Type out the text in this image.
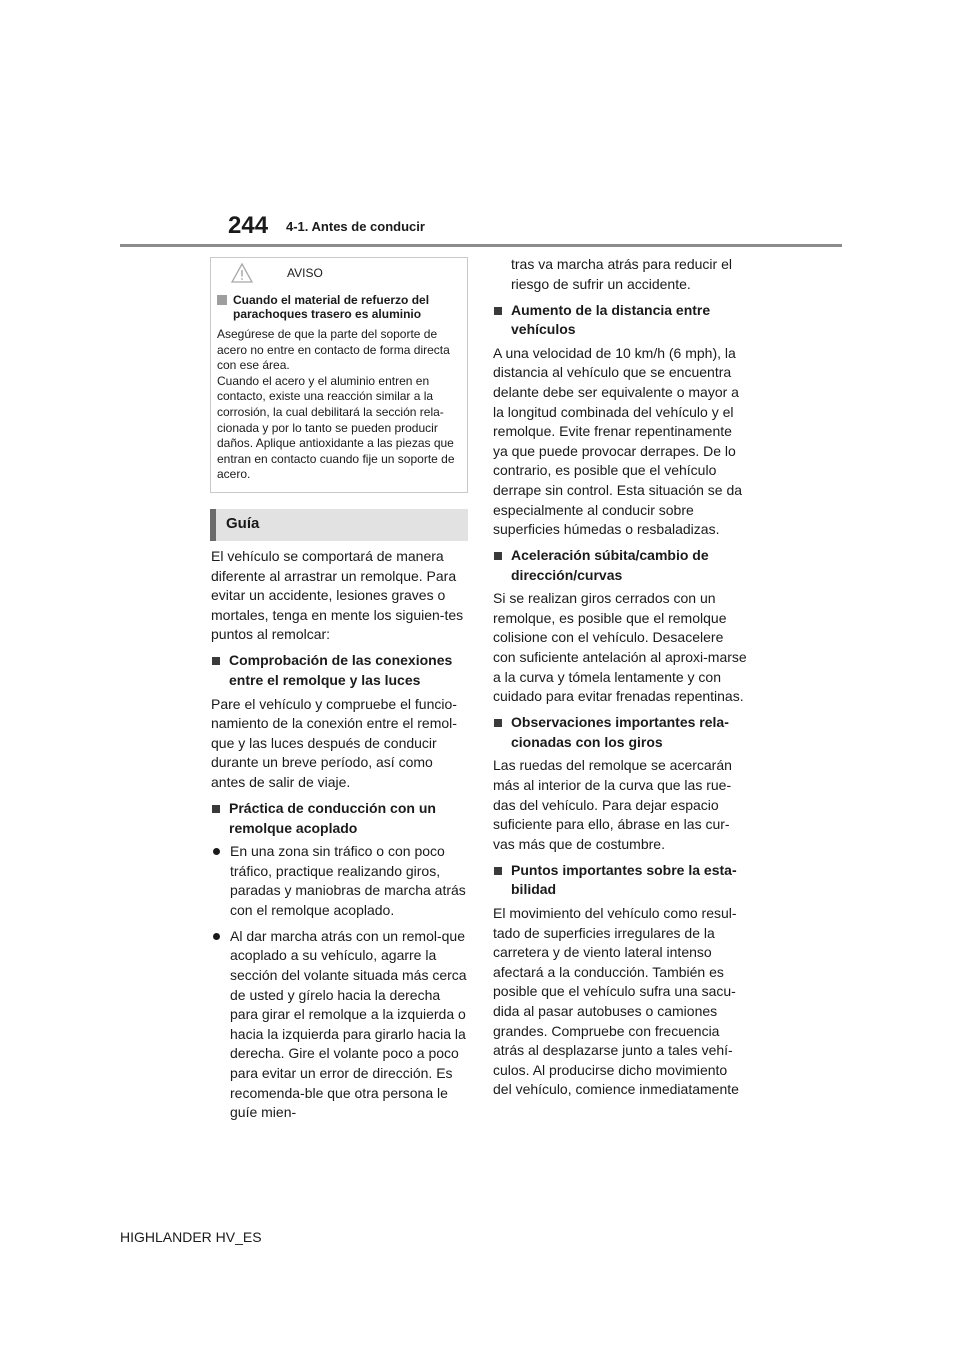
244 4-1. Antes de conducir
AVISO
Cuando el material de refuerzo del parachoques trasero es aluminio

Asegúrese de que la parte del soporte de acero no entre en contacto de forma directa con ese área.

Cuando el acero y el aluminio entren en contacto, existe una reacción similar a la corrosión, la cual debilitará la sección rela-cionada y por lo tanto se pueden producir daños. Aplique antioxidante a las piezas que entran en contacto cuando fije un soporte de acero.

Guía

El vehículo se comportará de manera diferente al arrastrar un remolque. Para evitar un accidente, lesiones graves o mortales, tenga en mente los siguien-tes puntos al remolcar:

Comprobación de las conexiones entre el remolque y las luces

Pare el vehículo y compruebe el funcio-namiento de la conexión entre el remol-que y las luces después de conducir durante un breve período, así como antes de salir de viaje.

Práctica de conducción con un remolque acoplado
En una zona sin tráfico o con poco tráfico, practique realizando giros, paradas y maniobras de marcha atrás con el remolque acoplado.
Al dar marcha atrás con un remol-que acoplado a su vehículo, agarre la sección del volante situada más cerca de usted y gírelo hacia la derecha para girar el remolque a la izquierda o hacia la izquierda para girarlo hacia la derecha. Gire el volante poco a poco para evitar un error de dirección. Es recomenda-ble que otra persona le guíe mien-

tras va marcha atrás para reducir el riesgo de sufrir un accidente.

Aumento de la distancia entre vehículos

A una velocidad de 10 km/h (6 mph), la distancia al vehículo que se encuentra delante debe ser equivalente o mayor a la longitud combinada del vehículo y el remolque. Evite frenar repentinamente ya que puede provocar derrapes. De lo contrario, es posible que el vehículo derrape sin control. Esta situación se da especialmente al conducir sobre superficies húmedas o resbaladizas.

Aceleración súbita/cambio de dirección/curvas

Si se realizan giros cerrados con un remolque, es posible que el remolque colisione con el vehículo. Desacelere con suficiente antelación al aproxi-marse a la curva y tómela lentamente y con cuidado para evitar frenadas repentinas.

Observaciones importantes rela-cionadas con los giros

Las ruedas del remolque se acercarán más al interior de la curva que las rue-das del vehículo. Para dejar espacio suficiente para ello, ábrase en las cur-vas más que de costumbre.

Puntos importantes sobre la esta-bilidad

El movimiento del vehículo como resul-tado de superficies irregulares de la carretera y de viento lateral intenso afectará a la conducción. También es posible que el vehículo sufra una sacu-dida al pasar autobuses o camiones grandes. Compruebe con frecuencia atrás al desplazarse junto a tales vehí-culos. Al producirse dicho movimiento del vehículo, comience inmediatamente

HIGHLANDER HV_ES
